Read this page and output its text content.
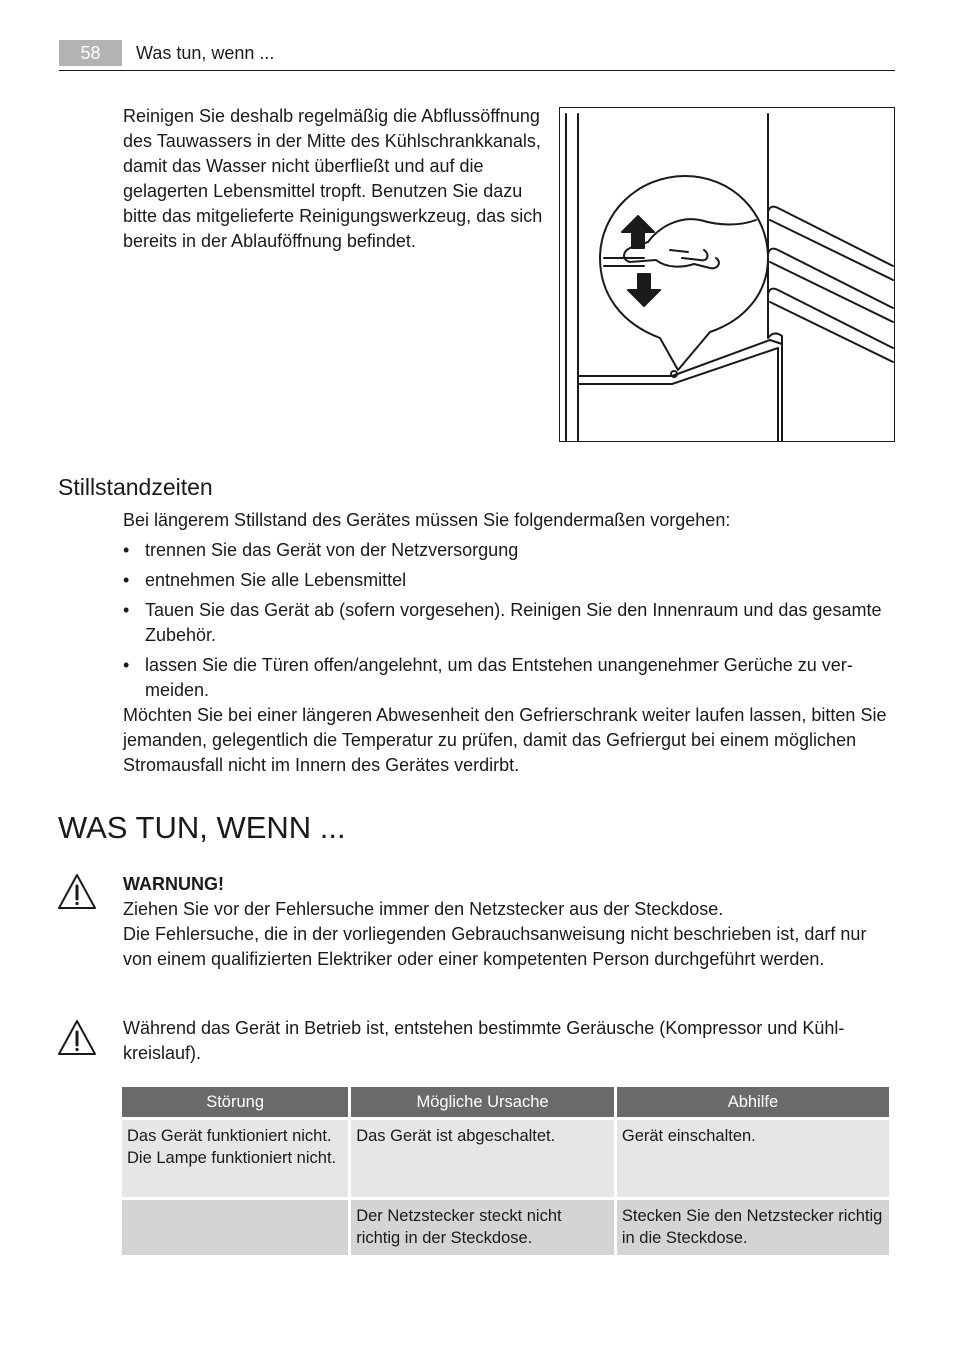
58	Was tun, wenn ...

Reinigen Sie deshalb regelmäßig die Abflussöffnung des Tauwassers in der Mitte des Kühlschrankkanals, damit das Wasser nicht überfließt und auf die gelagerten Lebensmittel tropft. Benutzen Sie dazu bitte das mitgelieferte Reinigungswerkzeug, das sich bereits in der Ablauföffnung befindet.

Stillstandzeiten

Bei längerem Stillstand des Gerätes müssen Sie folgendermaßen vorgehen:

• trennen Sie das Gerät von der Netzversorgung
• entnehmen Sie alle Lebensmittel
• Tauen Sie das Gerät ab (sofern vorgesehen). Reinigen Sie den Innenraum und das gesamte Zubehör.
• lassen Sie die Türen offen/angelehnt, um das Entstehen unangenehmer Gerüche zu vermeiden.

Möchten Sie bei einer längeren Abwesenheit den Gefrierschrank weiter laufen lassen, bitten Sie jemanden, gelegentlich die Temperatur zu prüfen, damit das Gefriergut bei einem möglichen Stromausfall nicht im Innern des Gerätes verdirbt.

WAS TUN, WENN ...
WARNUNG!
Ziehen Sie vor der Fehlersuche immer den Netzstecker aus der Steckdose.
Die Fehlersuche, die in der vorliegenden Gebrauchsanweisung nicht beschrieben ist, darf nur von einem qualifizierten Elektriker oder einer kompetenten Person durchgeführt werden.

Während das Gerät in Betrieb ist, entstehen bestimmte Geräusche (Kompressor und Kühlkreislauf).

Störung	Mögliche Ursache	Abhilfe
Das Gerät funktioniert nicht. Die Lampe funktioniert nicht.	Das Gerät ist abgeschaltet.	Gerät einschalten.
	Der Netzstecker steckt nicht richtig in der Steckdose.	Stecken Sie den Netzstecker richtig in die Steckdose.
